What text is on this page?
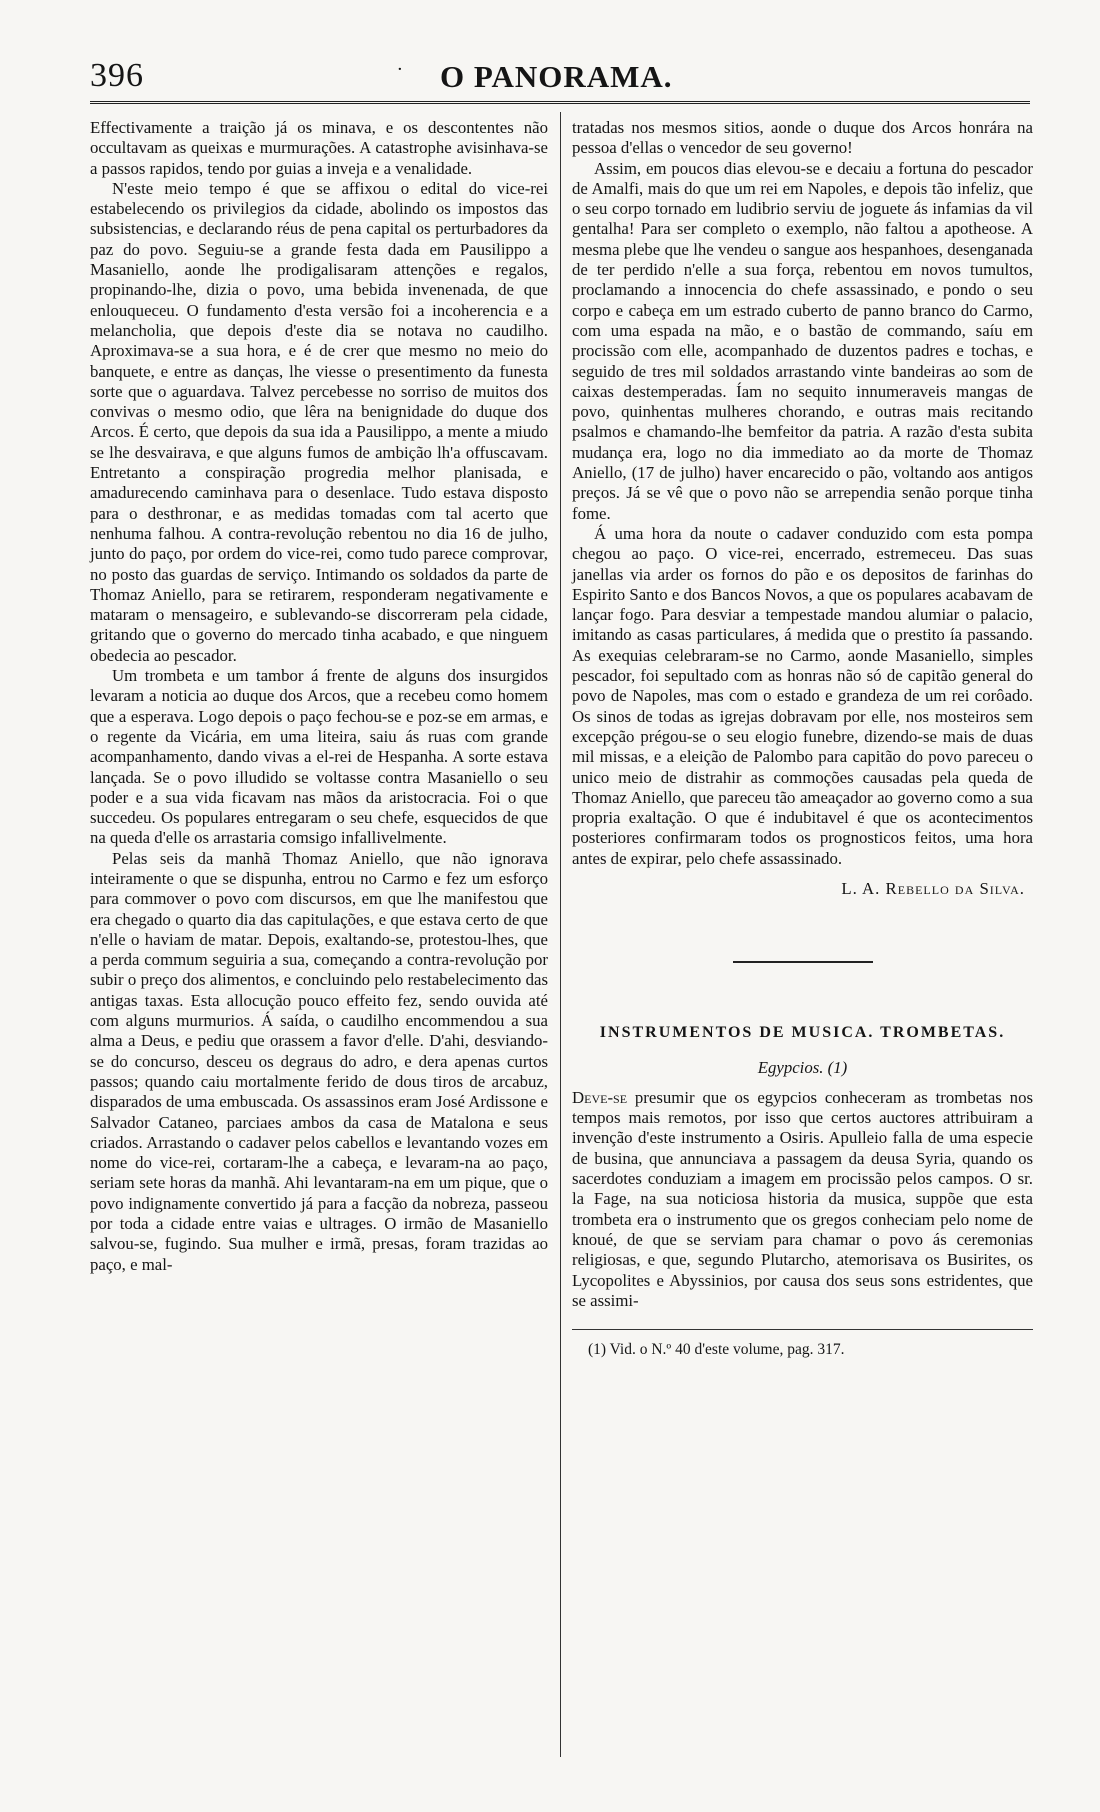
396	· O PANORAMA.

Effectivamente a traição já os minava, e os descontentes não occultavam as queixas e murmurações. A catastrophe avisinhava-se a passos rapidos, tendo por guias a inveja e a venalidade.

N'este meio tempo é que se affixou o edital do vice-rei estabelecendo os privilegios da cidade, abolindo os impostos das subsistencias, e declarando réus de pena capital os perturbadores da paz do povo. Seguiu-se a grande festa dada em Pausilippo a Masaniello, aonde lhe prodigalisaram attenções e regalos, propinando-lhe, dizia o povo, uma bebida invenenada, de que enlouqueceu. O fundamento d'esta versão foi a incoherencia e a melancholia, que depois d'este dia se notava no caudilho. Aproximava-se a sua hora, e é de crer que mesmo no meio do banquete, e entre as danças, lhe viesse o presentimento da funesta sorte que o aguardava. Talvez percebesse no sorriso de muitos dos convivas o mesmo odio, que lêra na benignidade do duque dos Arcos. É certo, que depois da sua ida a Pausilippo, a mente a miudo se lhe desvairava, e que alguns fumos de ambição lh'a offuscavam. Entretanto a conspiração progredia melhor planisada, e amadurecendo caminhava para o desenlace. Tudo estava disposto para o desthronar, e as medidas tomadas com tal acerto que nenhuma falhou. A contra-revolução rebentou no dia 16 de julho, junto do paço, por ordem do vice-rei, como tudo parece comprovar, no posto das guardas de serviço. Intimando os soldados da parte de Thomaz Aniello, para se retirarem, responderam negativamente e mataram o mensageiro, e sublevando-se discorreram pela cidade, gritando que o governo do mercado tinha acabado, e que ninguem obedecia ao pescador.

Um trombeta e um tambor á frente de alguns dos insurgidos levaram a noticia ao duque dos Arcos, que a recebeu como homem que a esperava. Logo depois o paço fechou-se e poz-se em armas, e o regente da Vicária, em uma liteira, saiu ás ruas com grande acompanhamento, dando vivas a el-rei de Hespanha. A sorte estava lançada. Se o povo illudido se voltasse contra Masaniello o seu poder e a sua vida ficavam nas mãos da aristocracia. Foi o que succedeu. Os populares entregaram o seu chefe, esquecidos de que na queda d'elle os arrastaria comsigo infallivelmente.

Pelas seis da manhã Thomaz Aniello, que não ignorava inteiramente o que se dispunha, entrou no Carmo e fez um esforço para commover o povo com discursos, em que lhe manifestou que era chegado o quarto dia das capitulações, e que estava certo de que n'elle o haviam de matar. Depois, exaltando-se, protestou-lhes, que a perda commum seguiria a sua, começando a contra-revolução por subir o preço dos alimentos, e concluindo pelo restabelecimento das antigas taxas. Esta allocução pouco effeito fez, sendo ouvida até com alguns murmurios. Á saída, o caudilho encommendou a sua alma a Deus, e pediu que orassem a favor d'elle. D'ahi, desviando-se do concurso, desceu os degraus do adro, e dera apenas curtos passos; quando caiu mortalmente ferido de dous tiros de arcabuz, disparados de uma embuscada. Os assassinos eram José Ardissone e Salvador Cataneo, parciaes ambos da casa de Matalona e seus criados. Arrastando o cadaver pelos cabellos e levantando vozes em nome do vice-rei, cortaram-lhe a cabeça, e levaram-na ao paço, seriam sete horas da manhã. Ahi levantaram-na em um pique, que o povo indignamente convertido já para a facção da nobreza, passeou por toda a cidade entre vaias e ultrages. O irmão de Masaniello salvou-se, fugindo. Sua mulher e irmã, presas, foram trazidas ao paço, e mal-

tratadas nos mesmos sitios, aonde o duque dos Arcos honrára na pessoa d'ellas o vencedor de seu governo!

Assim, em poucos dias elevou-se e decaiu a fortuna do pescador de Amalfi, mais do que um rei em Napoles, e depois tão infeliz, que o seu corpo tornado em ludibrio serviu de joguete ás infamias da vil gentalha! Para ser completo o exemplo, não faltou a apotheose. A mesma plebe que lhe vendeu o sangue aos hespanhoes, desenganada de ter perdido n'elle a sua força, rebentou em novos tumultos, proclamando a innocencia do chefe assassinado, e pondo o seu corpo e cabeça em um estrado cuberto de panno branco do Carmo, com uma espada na mão, e o bastão de commando, saíu em procissão com elle, acompanhado de duzentos padres e tochas, e seguido de tres mil soldados arrastando vinte bandeiras ao som de caixas destemperadas. Íam no sequito innumeraveis mangas de povo, quinhentas mulheres chorando, e outras mais recitando psalmos e chamando-lhe bemfeitor da patria. A razão d'esta subita mudança era, logo no dia immediato ao da morte de Thomaz Aniello, (17 de julho) haver encarecido o pão, voltando aos antigos preços. Já se vê que o povo não se arrependia senão porque tinha fome.

Á uma hora da noute o cadaver conduzido com esta pompa chegou ao paço. O vice-rei, encerrado, estremeceu. Das suas janellas via arder os fornos do pão e os depositos de farinhas do Espirito Santo e dos Bancos Novos, a que os populares acabavam de lançar fogo. Para desviar a tempestade mandou alumiar o palacio, imitando as casas particulares, á medida que o prestito ía passando. As exequias celebraram-se no Carmo, aonde Masaniello, simples pescador, foi sepultado com as honras não só de capitão general do povo de Napoles, mas com o estado e grandeza de um rei corôado. Os sinos de todas as igrejas dobravam por elle, nos mosteiros sem excepção prégou-se o seu elogio funebre, dizendo-se mais de duas mil missas, e a eleição de Palombo para capitão do povo pareceu o unico meio de distrahir as commoções causadas pela queda de Thomaz Aniello, que pareceu tão ameaçador ao governo como a sua propria exaltação. O que é indubitavel é que os acontecimentos posteriores confirmaram todos os prognosticos feitos, uma hora antes de expirar, pelo chefe assassinado.

L. A. Rebello da Silva.
INSTRUMENTOS DE MUSICA. TROMBETAS.
Egypcios. (1)

Deve-se presumir que os egypcios conheceram as trombetas nos tempos mais remotos, por isso que certos auctores attribuiram a invenção d'este instrumento a Osiris. Apulleio falla de uma especie de busina, que annunciava a passagem da deusa Syria, quando os sacerdotes conduziam a imagem em procissão pelos campos. O sr. la Fage, na sua noticiosa historia da musica, suppõe que esta trombeta era o instrumento que os gregos conheciam pelo nome de knoué, de que se serviam para chamar o povo ás ceremonias religiosas, e que, segundo Plutarcho, atemorisava os Busirites, os Lycopolites e Abyssinios, por causa dos seus sons estridentes, que se assimi-

(1) Vid. o N.º 40 d'este volume, pag. 317.
